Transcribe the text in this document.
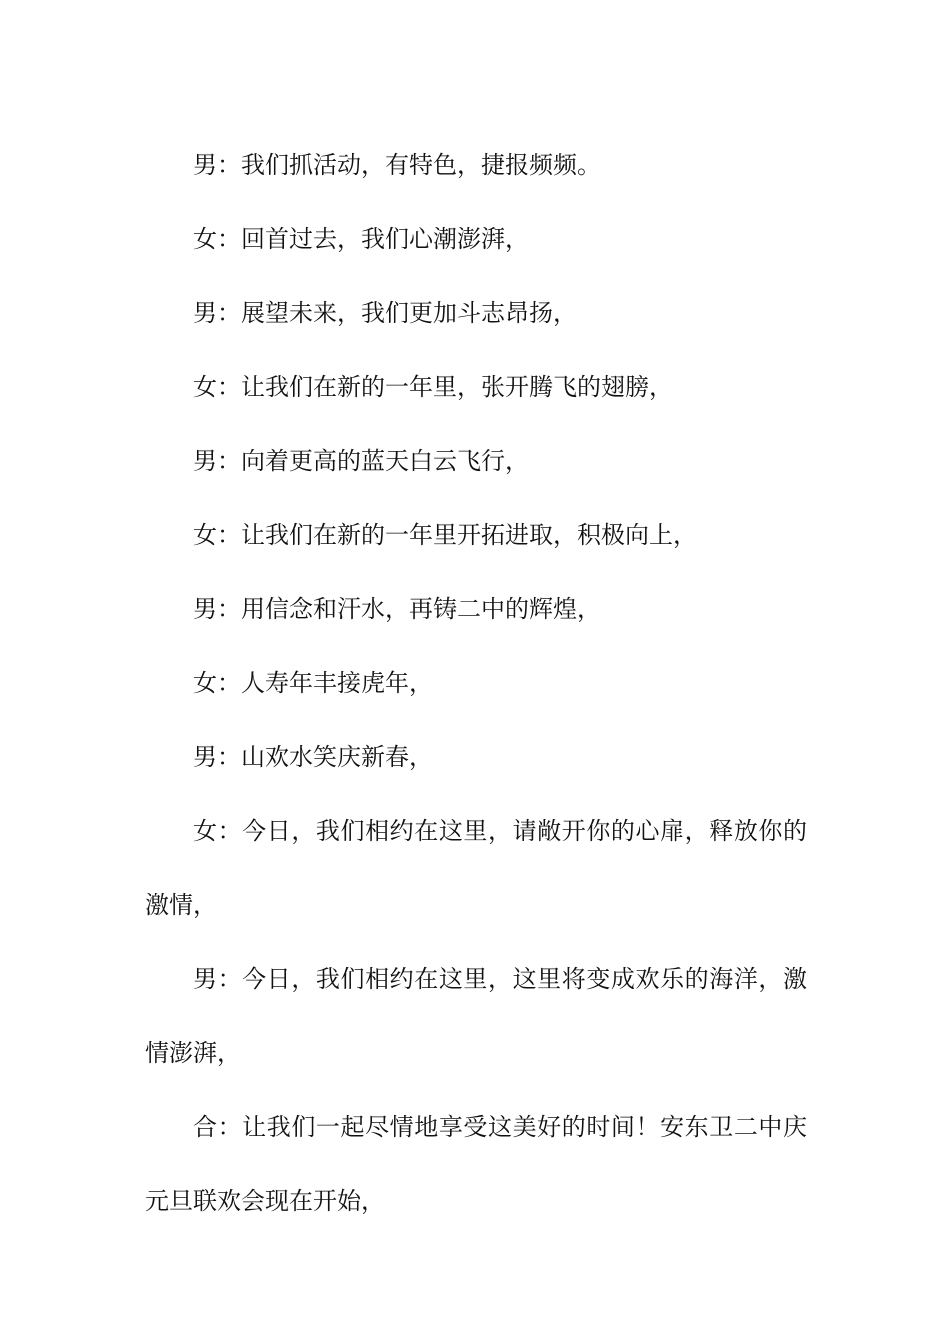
男：我们抓活动，有特色，捷报频频。

女：回首过去，我们心潮澎湃，

男：展望未来，我们更加斗志昂扬，

女：让我们在新的一年里，张开腾飞的翅膀，

男：向着更高的蓝天白云飞行，

女：让我们在新的一年里开拓进取，积极向上，

男：用信念和汗水，再铸二中的辉煌，

女：人寿年丰接虎年，

男：山欢水笑庆新春，

女：今日，我们相约在这里，请敞开你的心扉，释放你的激情，

男：今日，我们相约在这里，这里将变成欢乐的海洋，激情澎湃，

合：让我们一起尽情地享受这美好的时间！安东卫二中庆元旦联欢会现在开始，
